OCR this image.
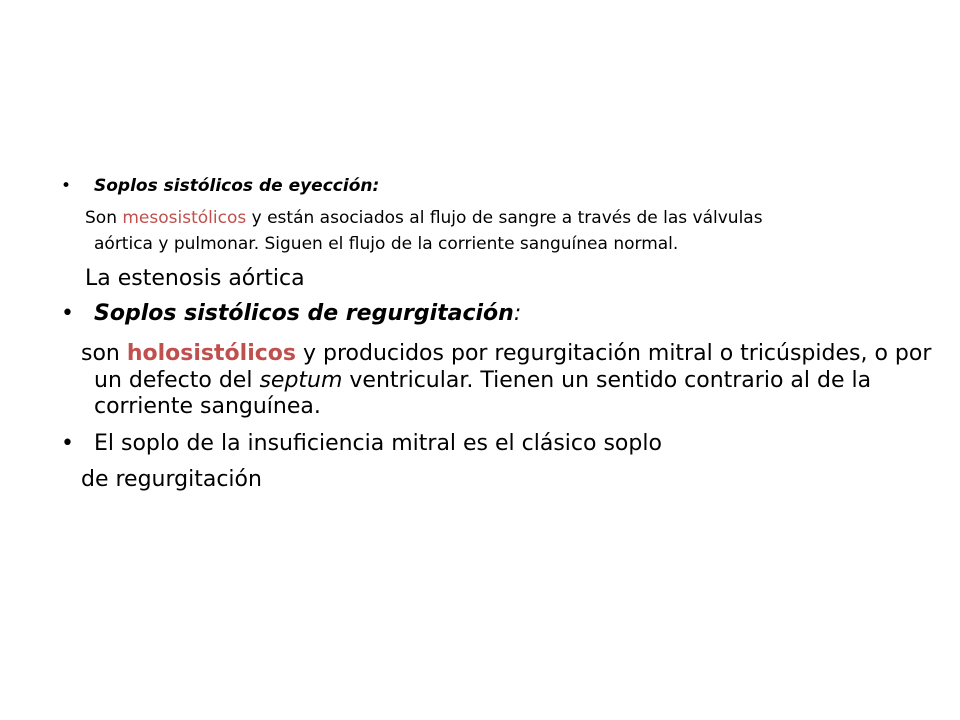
• Soplos sistólicos de eyección:

Son mesosistólicos y están asociados al flujo de sangre a través de las válvulas

aórtica y pulmonar. Siguen el flujo de la corriente sanguínea normal.

La estenosis aórtica

• Soplos sistólicos de regurgitación:

son holosistólicos y producidos por regurgitación mitral o tricúspides, o por

un defecto del septum ventricular. Tienen un sentido contrario al de la

corriente sanguínea.

• El soplo de la insuficiencia mitral es el clásico soplo

de regurgitación
